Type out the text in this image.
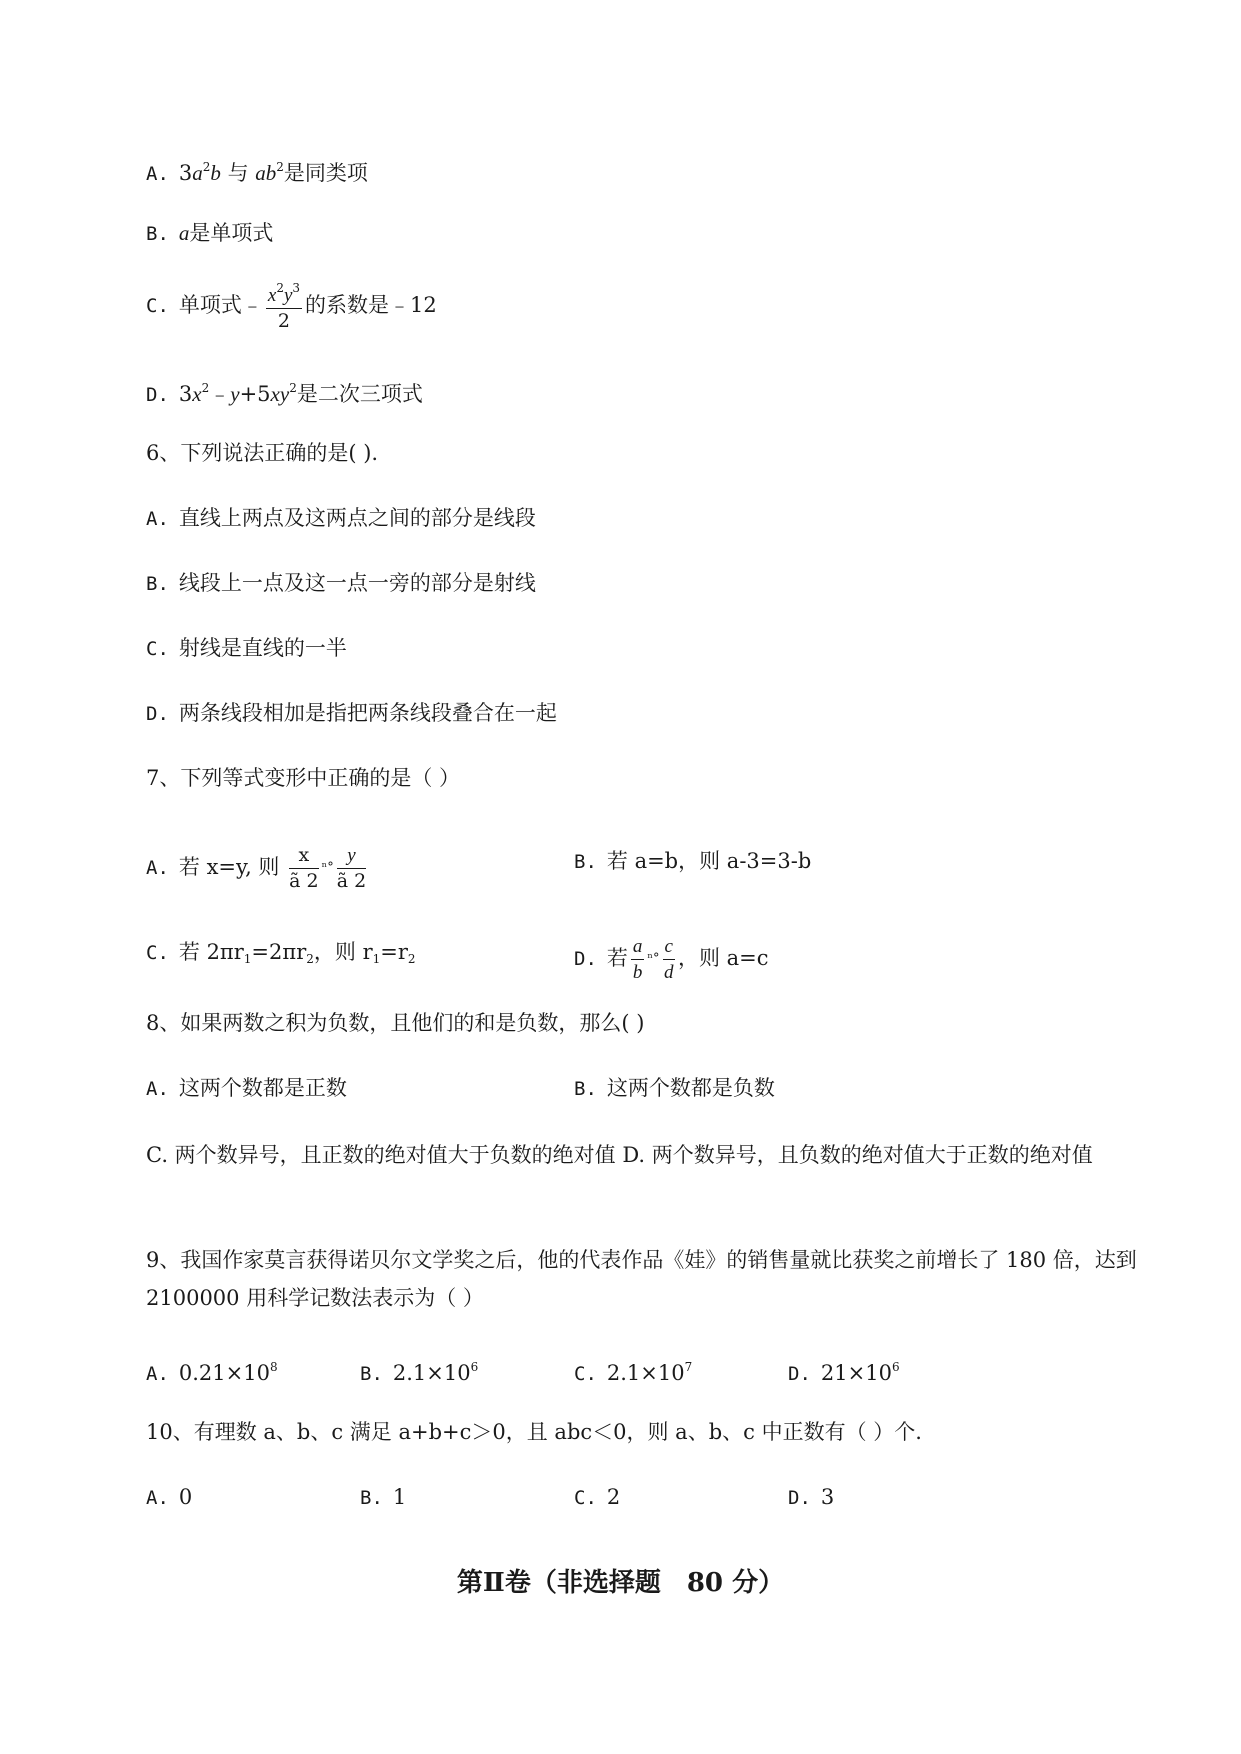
A. $3a^2b$ 与 $ab^2$是同类项
B. a是单项式
C. 单项式﹣ $\frac{x^2y^3}{2}$ 的系数是﹣12
D. $3x^2﹣y+5xy^2$是二次三项式
6、下列说法正确的是( ).
A. 直线上两点及这两点之间的部分是线段
B. 线段上一点及这一点一旁的部分是射线
C. 射线是直线的一半
D. 两条线段相加是指把两条线段叠合在一起
7、下列等式变形中正确的是（ ）
A. 若 x=y, 则 $\frac{x}{ã 2} ^n^\circ \frac{y}{ã 2}$	B. 若 a=b，则 a-3=3-b
C. 若 $2\pi r_1=2\pi r_2$，则 $r_1=r_2$	D. 若 $\frac{a}{b} ^n^\circ \frac{c}{d}$ ，则 a=c
8、如果两数之积为负数，且他们的和是负数，那么( )
A. 这两个数都是正数	B. 这两个数都是负数
C. 两个数异号，且正数的绝对值大于负数的绝对值 D. 两个数异号，且负数的绝对值大于正数的绝对值
9、我国作家莫言获得诺贝尔文学奖之后，他的代表作品《娃》的销售量就比获奖之前增长了 180 倍，达到 2100000 用科学记数法表示为（ ）
A. $0.21\times 10^8$	B. $2.1\times 10^6$	C. $2.1\times 10^7$	D. $21\times 10^6$
10、有理数 a、b、c 满足 a+b+c＞0，且 abc＜0，则 a、b、c 中正数有（ ）个.
A. 0	B. 1	C. 2	D. 3
第Ⅱ卷（非选择题　80 分）
